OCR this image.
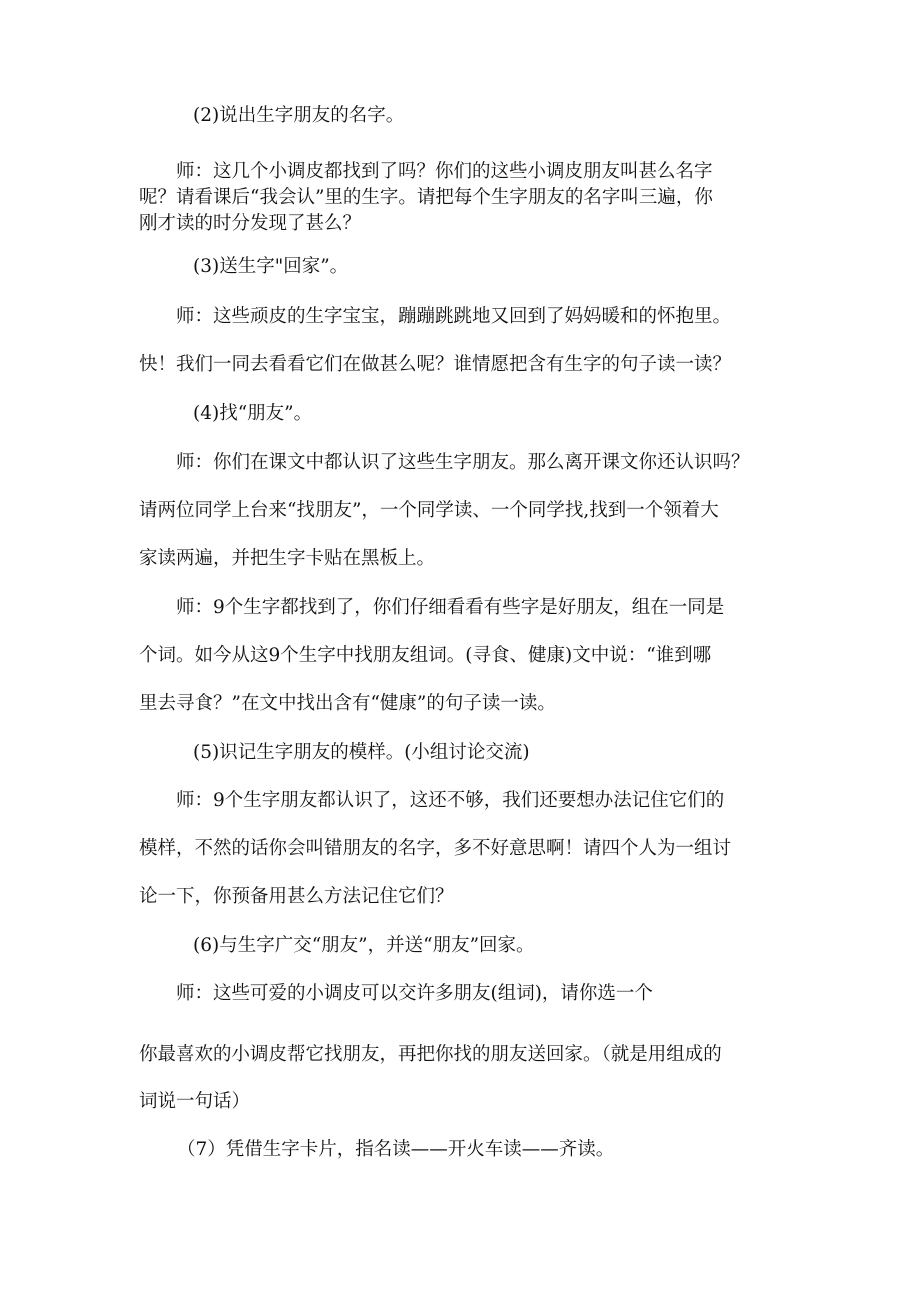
(2)说出生字朋友的名字。
师：这几个小调皮都找到了吗？你们的这些小调皮朋友叫甚么名字
呢？请看课后“我会认”里的生字。请把每个生字朋友的名字叫三遍，你
刚才读的时分发现了甚么？
(3)送生字"回家”。
师：这些顽皮的生字宝宝，蹦蹦跳跳地又回到了妈妈暖和的怀抱里。
快！我们一同去看看它们在做甚么呢？谁情愿把含有生字的句子读一读？
(4)找“朋友”。
师：你们在课文中都认识了这些生字朋友。那么离开课文你还认识吗？
请两位同学上台来“找朋友”，一个同学读、一个同学找,找到一个领着大
家读两遍，并把生字卡贴在黑板上。
师：9个生字都找到了，你们仔细看看有些字是好朋友，组在一同是
个词。如今从这9个生字中找朋友组词。(寻食、健康)文中说：“谁到哪
里去寻食？”在文中找出含有“健康”的句子读一读。
(5)识记生字朋友的模样。(小组讨论交流)
师：9个生字朋友都认识了，这还不够，我们还要想办法记住它们的
模样，不然的话你会叫错朋友的名字，多不好意思啊！请四个人为一组讨
论一下，你预备用甚么方法记住它们？
(6)与生字广交“朋友”，并送“朋友”回家。
师：这些可爱的小调皮可以交许多朋友(组词)，请你选一个
你最喜欢的小调皮帮它找朋友，再把你找的朋友送回家。（就是用组成的
词说一句话）
（7）凭借生字卡片，指名读——开火车读——齐读。
